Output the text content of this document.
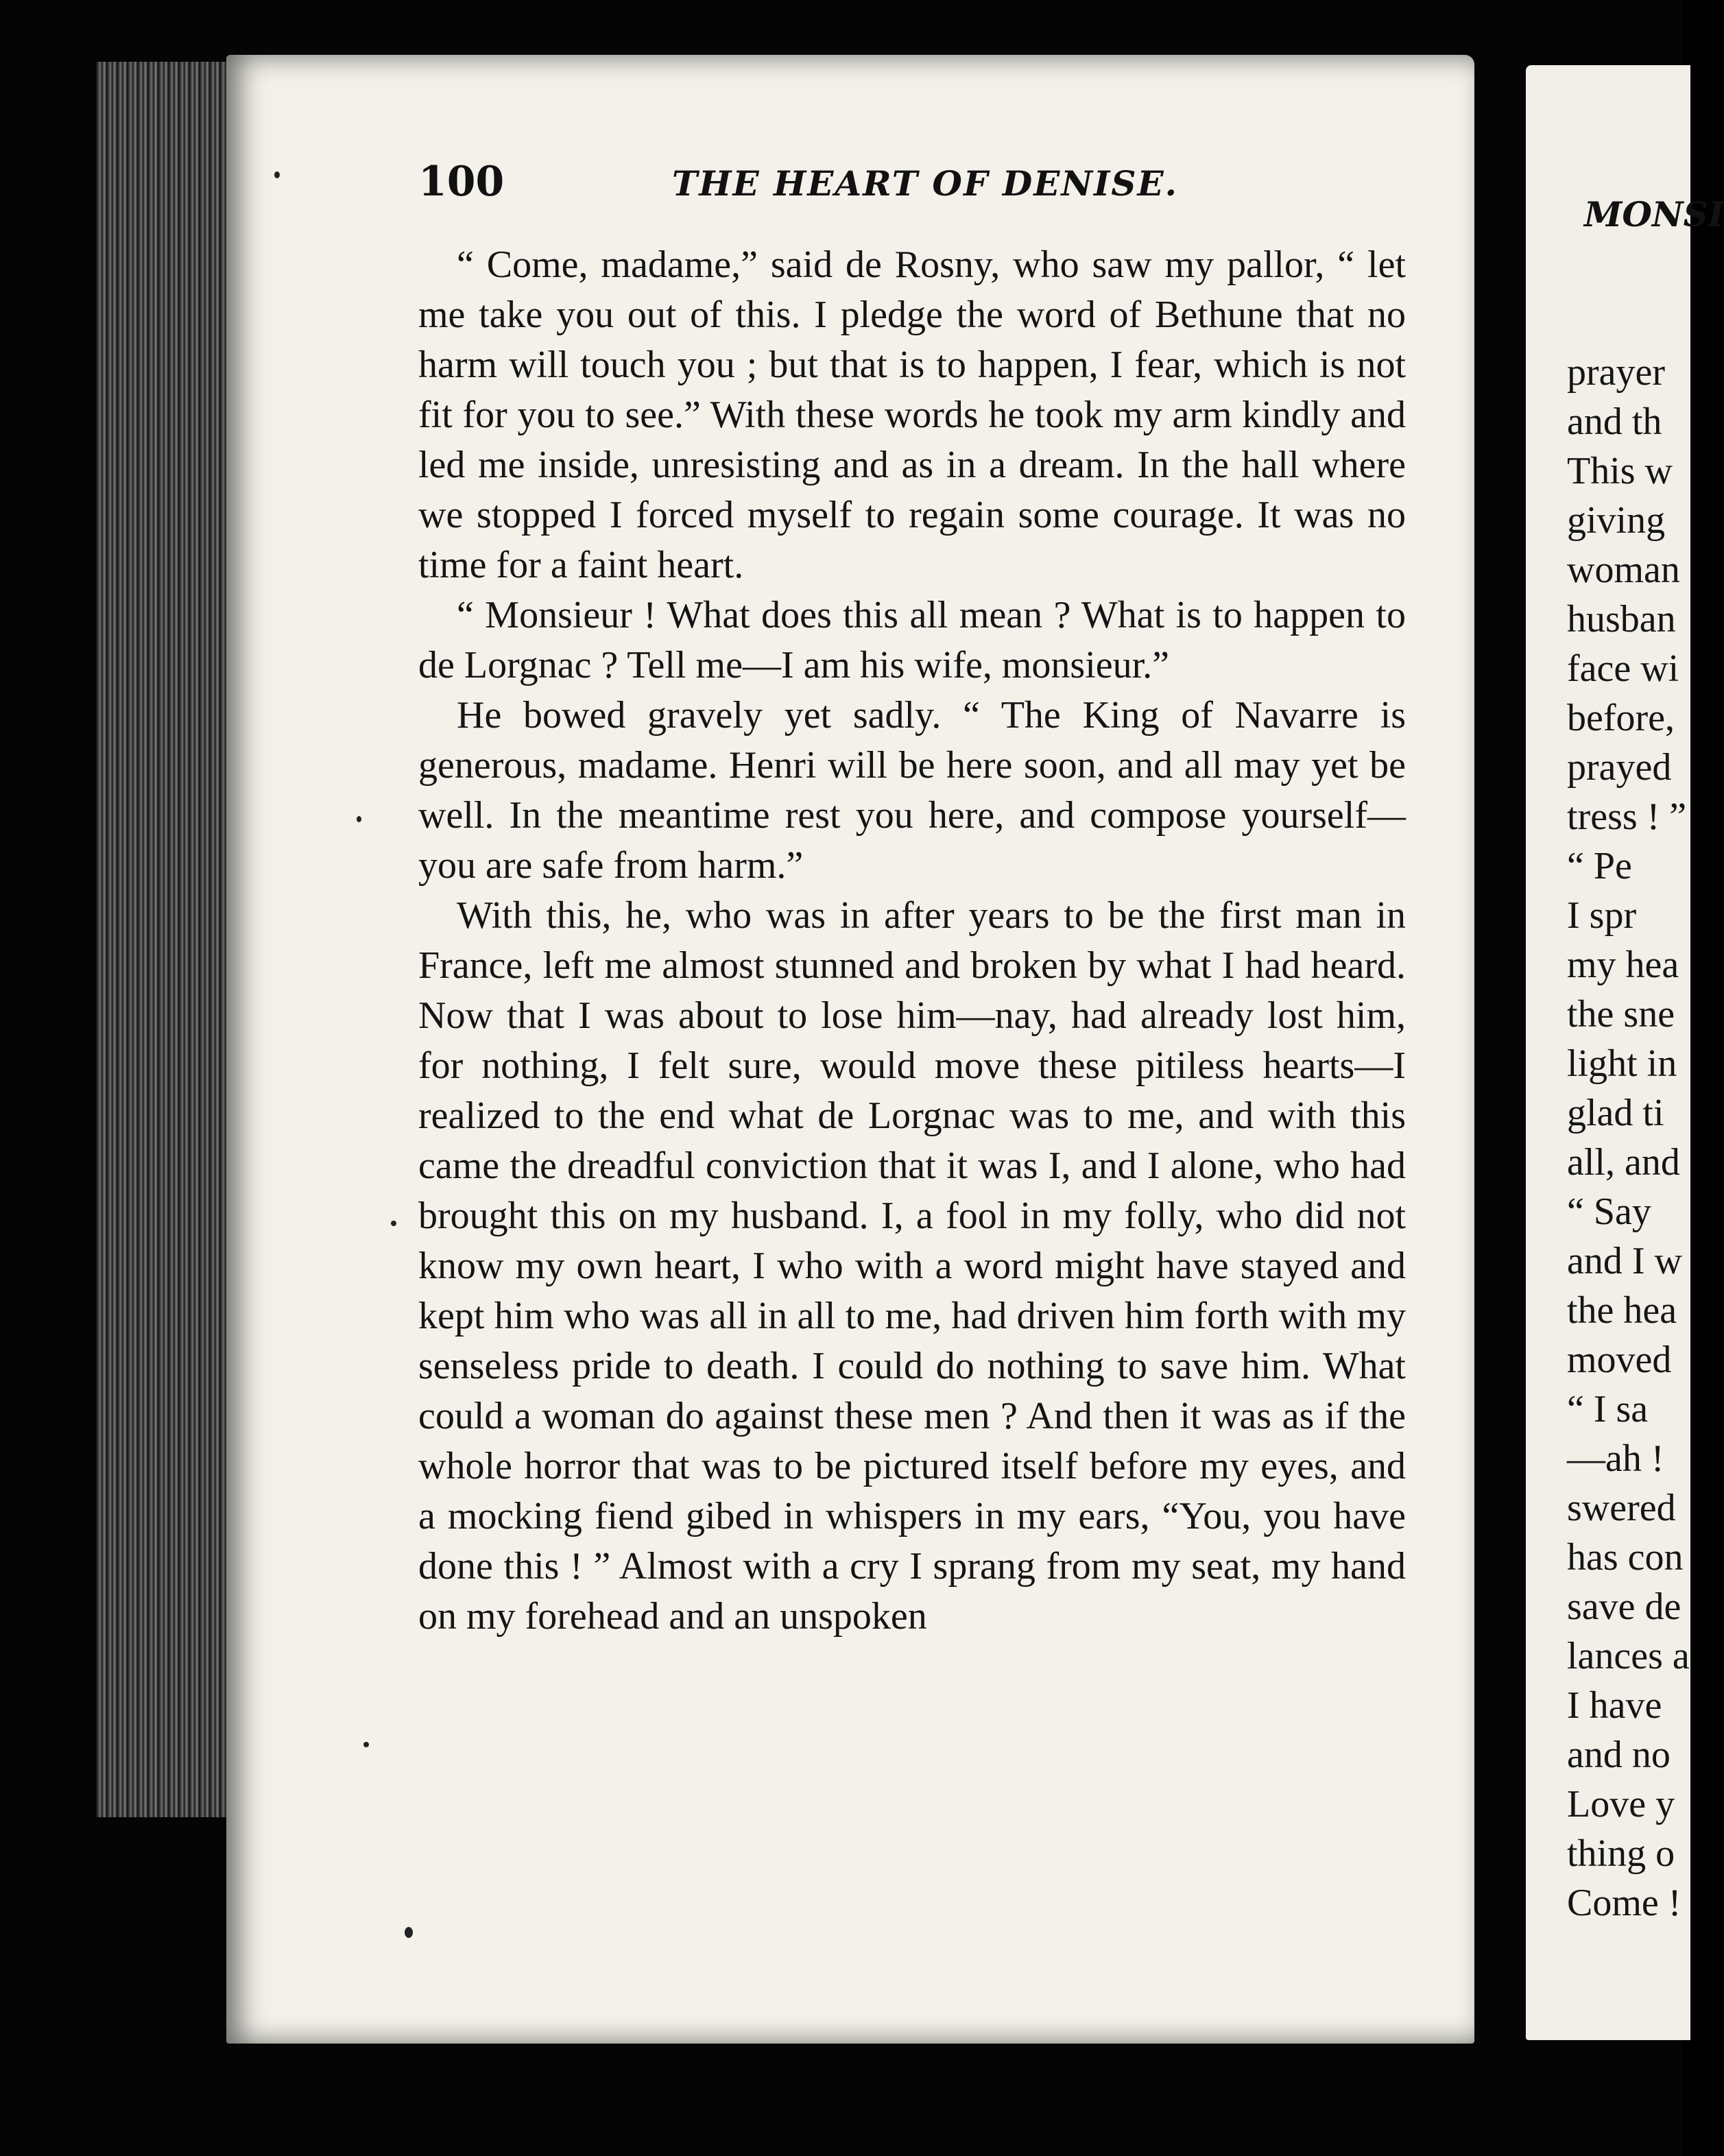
100	THE HEART OF DENISE.

“ Come, madame,” said de Rosny, who saw my pallor, “ let me take you out of this. I pledge the word of Bethune that no harm will touch you ; but that is to happen, I fear, which is not fit for you to see.” With these words he took my arm kindly and led me inside, unresisting and as in a dream. In the hall where we stopped I forced myself to regain some courage. It was no time for a faint heart.

“ Monsieur ! What does this all mean ? What is to happen to de Lorgnac ? Tell me—I am his wife, monsieur.”

He bowed gravely yet sadly. “ The King of Navarre is generous, madame. Henri will be here soon, and all may yet be well. In the meantime rest you here, and compose yourself—you are safe from harm.”

With this, he, who was in after years to be the first man in France, left me almost stunned and broken by what I had heard. Now that I was about to lose him—nay, had already lost him, for nothing, I felt sure, would move these pitiless hearts—I realized to the end what de Lorgnac was to me, and with this came the dreadful conviction that it was I, and I alone, who had brought this on my husband. I, a fool in my folly, who did not know my own heart, I who with a word might have stayed and kept him who was all in all to me, had driven him forth with my senseless pride to death. I could do nothing to save him. What could a woman do against these men ? And then it was as if the whole horror that was to be pictured itself before my eyes, and a mocking fiend gibed in whispers in my ears, “You, you have done this ! ” Almost with a cry I sprang from my seat, my hand on my forehead and an unspoken

MONSI
prayer
and th
This w
giving
woman
husban
face wi
before,
prayed
tress ! ”
“ Pe
I spr
my hea
the sne
light in
glad ti
all, and
“ Say
and I w
the hea
moved
“ I sa
—ah !
swered
has con
save de
lances a
I have
and no
Love y
thing o
Come !
